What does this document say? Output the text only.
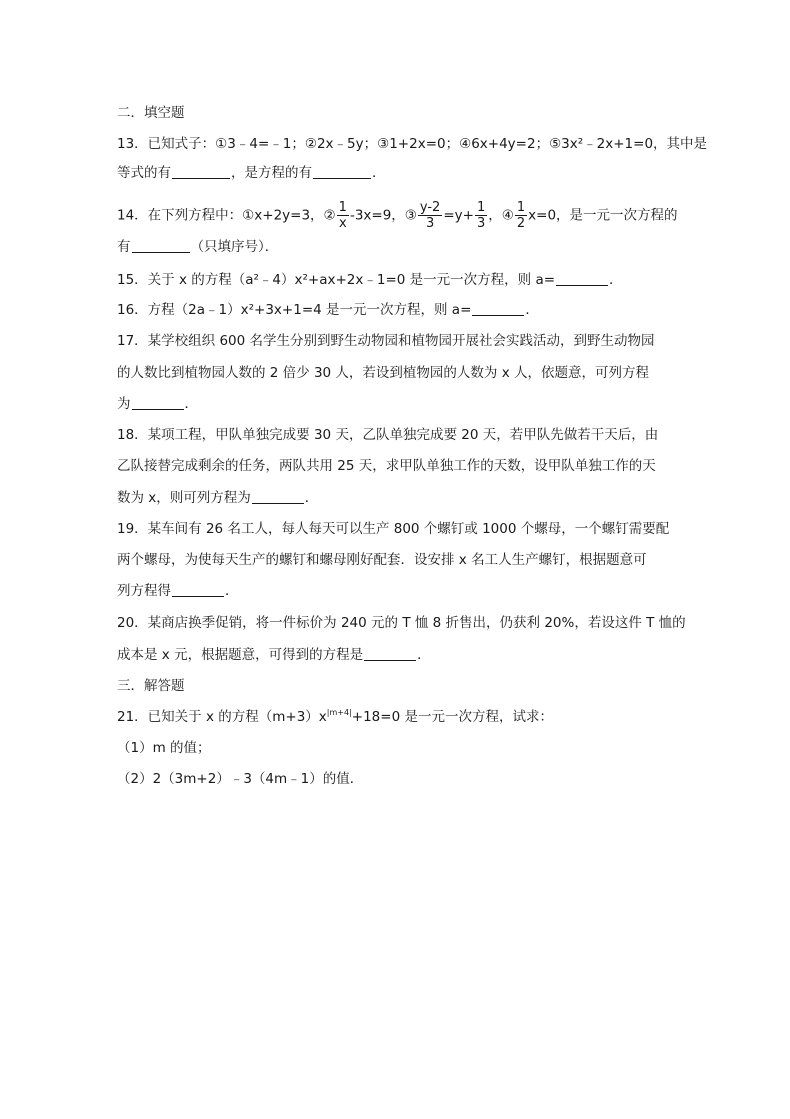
二．填空题
13．已知式子：①3﹣4=﹣1；②2x﹣5y；③1+2x=0；④6x+4y=2；⑤3x²﹣2x+1=0，其中是
等式的有	，是方程的有	．
14．在下列方程中：①x+2y=3，② $\frac{1}{x} -3x=9$，③ $\frac{y-2}{3} =y+ \frac{1}{3}$ ，④ $\frac{1}{2} x=0$，是一元一次方程的
有	（只填序号）．
15．关于 x 的方程（a²﹣4）x²+ax+2x﹣1=0 是一元一次方程，则 a=	．
16．方程（2a﹣1）x²+3x+1=4 是一元一次方程，则 a=	．
17．某学校组织 600 名学生分别到野生动物园和植物园开展社会实践活动，到野生动物园
的人数比到植物园人数的 2 倍少 30 人，若设到植物园的人数为 x 人，依题意，可列方程
为	．
18．某项工程，甲队单独完成要 30 天，乙队单独完成要 20 天，若甲队先做若干天后，由
乙队接替完成剩余的任务，两队共用 25 天，求甲队单独工作的天数，设甲队单独工作的天
数为 x，则可列方程为	．
19．某车间有 26 名工人，每人每天可以生产 800 个螺钉或 1000 个螺母，一个螺钉需要配
两个螺母，为使每天生产的螺钉和螺母刚好配套．设安排 x 名工人生产螺钉，根据题意可
列方程得	．
20．某商店换季促销，将一件标价为 240 元的 T 恤 8 折售出，仍获利 20%，若设这件 T 恤的
成本是 x 元，根据题意，可得到的方程是	．
三．解答题
21．已知关于 x 的方程$(m+3)x^{|m+4|}+18=0$ 是一元一次方程，试求：
（1）m 的值；
（2）2（3m+2）﹣3（4m﹣1）的值．
